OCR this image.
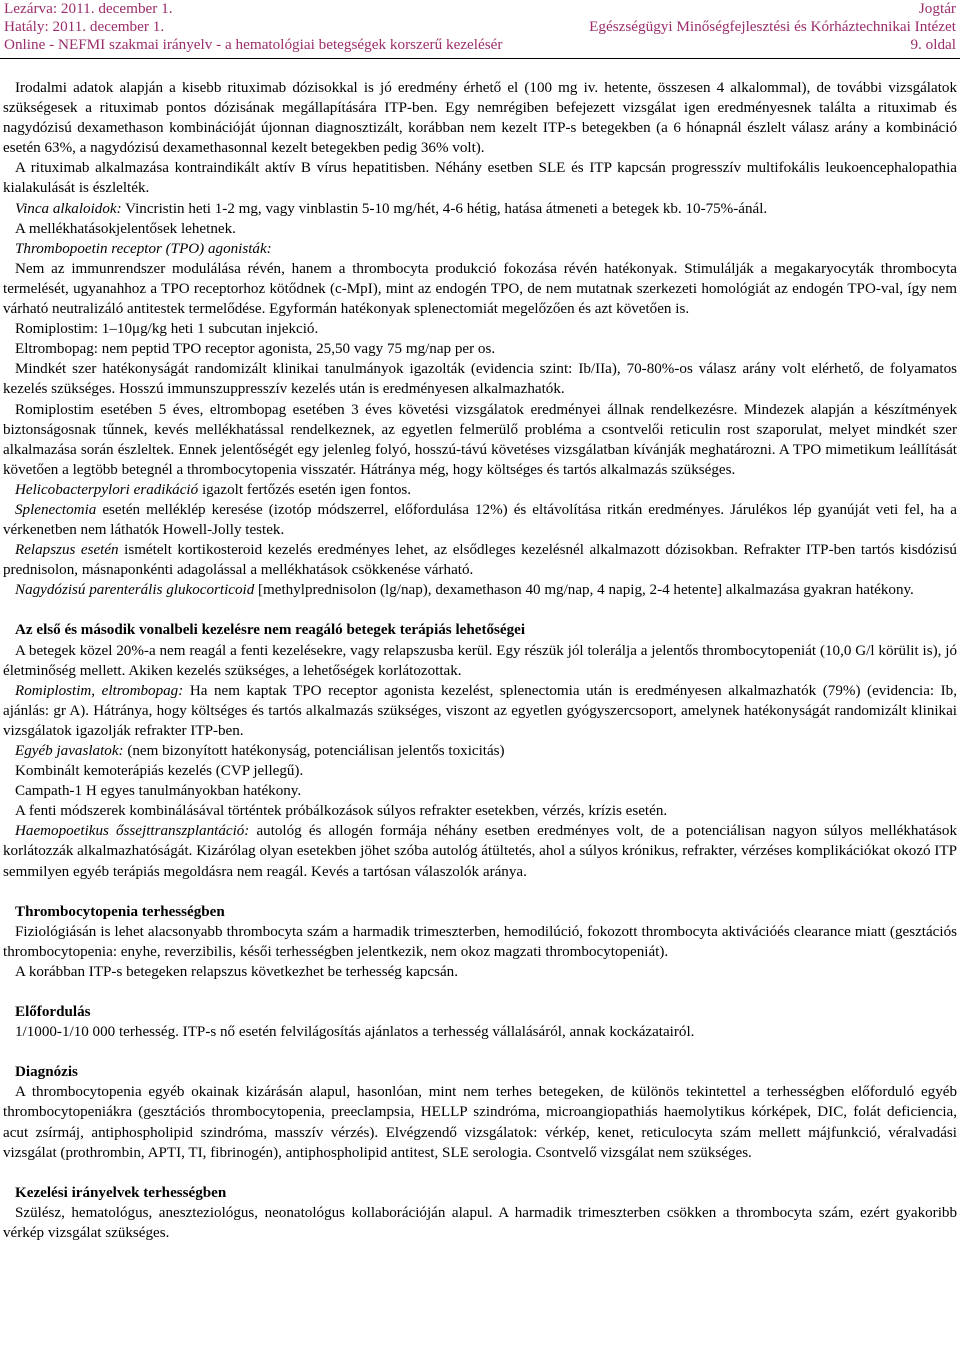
Lezárva: 2011. december 1.
Hatály: 2011. december 1.
Online - NEFMI szakmai irányelv - a hematológiai betegségek korszerű kezelésér
Jogtár
Egészségügyi Minőségfejlesztési és Kórháztechnikai Intézet
9. oldal

Irodalmi adatok alapján a kisebb rituximab dózisokkal is jó eredmény érhető el (100 mg iv. hetente, összesen 4 alkalommal), de további vizsgálatok szükségesek a rituximab pontos dózisának megállapítására ITP-ben. Egy nemrégiben befejezett vizsgálat igen eredményesnek találta a rituximab és nagydózisú dexamethason kombinációját újonnan diagnosztizált, korábban nem kezelt ITP-s betegekben (a 6 hónapnál észlelt válasz arány a kombináció esetén 63%, a nagydózisú dexamethasonnal kezelt betegekben pedig 36% volt).

A rituximab alkalmazása kontraindikált aktív B vírus hepatitisben. Néhány esetben SLE és ITP kapcsán progresszív multifokális leukoencephalopathia kialakulását is észlelték.

Vinca alkaloidok: Vincristin heti 1-2 mg, vagy vinblastin 5-10 mg/hét, 4-6 hétig, hatása átmeneti a betegek kb. 10-75%-ánál.

A mellékhatásokjelentősek lehetnek.

Thrombopoetin receptor (TPO) agonisták:

Nem az immunrendszer modulálása révén, hanem a thrombocyta produkció fokozása révén hatékonyak. Stimulálják a megakaryocyták thrombocyta termelését, ugyanahhoz a TPO receptorhoz kötődnek (c-MpI), mint az endogén TPO, de nem mutatnak szerkezeti homológiát az endogén TPO-val, így nem várható neutralizáló antitestek termelődése. Egyformán hatékonyak splenectomiát megelőzően és azt követően is.

Romiplostim: 1–10μg/kg heti 1 subcutan injekció.

Eltrombopag: nem peptid TPO receptor agonista, 25,50 vagy 75 mg/nap per os.

Mindkét szer hatékonyságát randomizált klinikai tanulmányok igazolták (evidencia szint: Ib/IIa), 70-80%-os válasz arány volt elérhető, de folyamatos kezelés szükséges. Hosszú immunszuppresszív kezelés után is eredményesen alkalmazhatók.

Romiplostim esetében 5 éves, eltrombopag esetében 3 éves követési vizsgálatok eredményei állnak rendelkezésre. Mindezek alapján a készítmények biztonságosnak tűnnek, kevés mellékhatással rendelkeznek, az egyetlen felmerülő probléma a csontvelői reticulin rost szaporulat, melyet mindkét szer alkalmazása során észleltek. Ennek jelentőségét egy jelenleg folyó, hosszú-távú követéses vizsgálatban kívánják meghatározni. A TPO mimetikum leállítását követően a legtöbb betegnél a thrombocytopenia visszatér. Hátránya még, hogy költséges és tartós alkalmazás szükséges.

Helicobacterpylori eradikáció igazolt fertőzés esetén igen fontos.

Splenectomia esetén melléklép keresése (izotóp módszerrel, előfordulása 12%) és eltávolítása ritkán eredményes. Járulékos lép gyanúját veti fel, ha a vérkenetben nem láthatók Howell-Jolly testek.

Relapszus esetén ismételt kortikosteroid kezelés eredményes lehet, az elsődleges kezelésnél alkalmazott dózisokban. Refrakter ITP-ben tartós kisdózisú prednisolon, másnaponkénti adagolással a mellékhatások csökkenése várható.

Nagydózisú parenterális glukocorticoid [methylprednisolon (lg/nap), dexamethason 40 mg/nap, 4 napig, 2-4 hetente] alkalmazása gyakran hatékony.

Az első és második vonalbeli kezelésre nem reagáló betegek terápiás lehetőségei

A betegek közel 20%-a nem reagál a fenti kezelésekre, vagy relapszusba kerül. Egy részük jól tolerálja a jelentős thrombocytopeniát (10,0 G/l körülit is), jó életminőség mellett. Akiken kezelés szükséges, a lehetőségek korlátozottak.

Romiplostim, eltrombopag: Ha nem kaptak TPO receptor agonista kezelést, splenectomia után is eredményesen alkalmazhatók (79%) (evidencia: Ib, ajánlás: gr A). Hátránya, hogy költséges és tartós alkalmazás szükséges, viszont az egyetlen gyógyszercsoport, amelynek hatékonyságát randomizált klinikai vizsgálatok igazolják refrakter ITP-ben.

Egyéb javaslatok: (nem bizonyított hatékonyság, potenciálisan jelentős toxicitás)

Kombinált kemoterápiás kezelés (CVP jellegű).

Campath-1 H egyes tanulmányokban hatékony.

A fenti módszerek kombinálásával történtek próbálkozások súlyos refrakter esetekben, vérzés, krízis esetén.

Haemopoetikus őssejttranszplantáció: autológ és allogén formája néhány esetben eredményes volt, de a potenciálisan nagyon súlyos mellékhatások korlátozzák alkalmazhatóságát. Kizárólag olyan esetekben jöhet szóba autológ átültetés, ahol a súlyos krónikus, refrakter, vérzéses komplikációkat okozó ITP semmilyen egyéb terápiás megoldásra nem reagál. Kevés a tartósan válaszolók aránya.

Thrombocytopenia terhességben

Fiziológiásán is lehet alacsonyabb thrombocyta szám a harmadik trimeszterben, hemodilúció, fokozott thrombocyta aktivációés clearance miatt (gesztációs thrombocytopenia: enyhe, reverzibilis, késői terhességben jelentkezik, nem okoz magzati thrombocytopeniát).

A korábban ITP-s betegeken relapszus következhet be terhesség kapcsán.

Előfordulás

1/1000-1/10 000 terhesség. ITP-s nő esetén felvilágosítás ajánlatos a terhesség vállalásáról, annak kockázatairól.

Diagnózis

A thrombocytopenia egyéb okainak kizárásán alapul, hasonlóan, mint nem terhes betegeken, de különös tekintettel a terhességben előforduló egyéb thrombocytopeniákra (gesztációs thrombocytopenia, preeclampsia, HELLP szindróma, microangiopathiás haemolytikus kórképek, DIC, folát deficiencia, acut zsírmáj, antiphospholipid szindróma, masszív vérzés). Elvégzendő vizsgálatok: vérkép, kenet, reticulocyta szám mellett májfunkció, véralvadási vizsgálat (prothrombin, APTI, TI, fibrinogén), antiphospholipid antitest, SLE serologia. Csontvelő vizsgálat nem szükséges.

Kezelési irányelvek terhességben

Szülész, hematológus, aneszteziológus, neonatológus kollaborációján alapul. A harmadik trimeszterben csökken a thrombocyta szám, ezért gyakoribb vérkép vizsgálat szükséges.
